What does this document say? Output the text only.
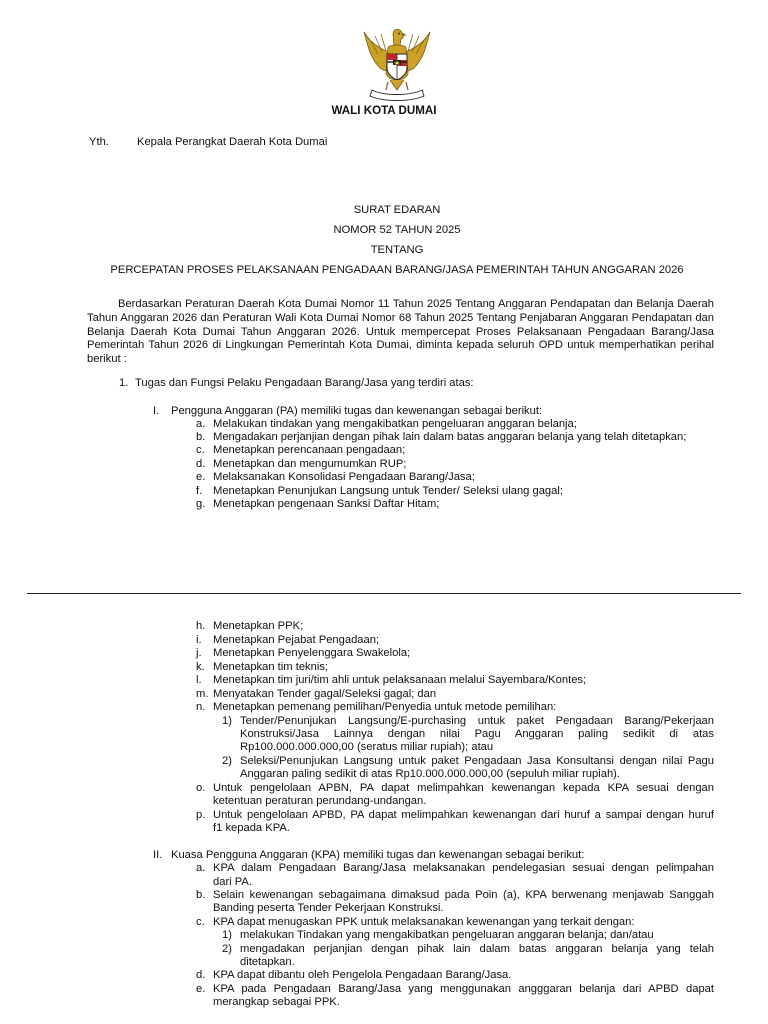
WALI KOTA DUMAI
Yth.	Kepala Perangkat Daerah Kota Dumai
SURAT EDARAN
NOMOR 52 TAHUN 2025
TENTANG
PERCEPATAN PROSES PELAKSANAAN PENGADAAN BARANG/JASA PEMERINTAH TAHUN ANGGARAN 2026
Berdasarkan Peraturan Daerah Kota Dumai Nomor 11 Tahun 2025 Tentang Anggaran Pendapatan dan Belanja Daerah Tahun Anggaran 2026 dan Peraturan Wali Kota Dumai Nomor 68 Tahun 2025 Tentang Penjabaran Anggaran Pendapatan dan Belanja Daerah Kota Dumai Tahun Anggaran 2026. Untuk mempercepat Proses Pelaksanaan Pengadaan Barang/Jasa Pemerintah Tahun 2026 di Lingkungan Pemerintah Kota Dumai, diminta kepada seluruh OPD untuk memperhatikan perihal berikut :
1. Tugas dan Fungsi Pelaku Pengadaan Barang/Jasa yang terdiri atas:
I. Pengguna Anggaran (PA) memiliki tugas dan kewenangan sebagai berikut:
a. Melakukan tindakan yang mengakibatkan pengeluaran anggaran belanja;
b. Mengadakan perjanjian dengan pihak lain dalam batas anggaran belanja yang telah ditetapkan;
c. Menetapkan perencanaan pengadaan;
d. Menetapkan dan mengumumkan RUP;
e. Melaksanakan Konsolidasi Pengadaan Barang/Jasa;
f. Menetapkan Penunjukan Langsung untuk Tender/ Seleksi ulang gagal;
g. Menetapkan pengenaan Sanksi Daftar Hitam;
h. Menetapkan PPK;
i. Menetapkan Pejabat Pengadaan;
j. Menetapkan Penyelenggara Swakelola;
k. Menetapkan tim teknis;
l. Menetapkan tim juri/tim ahli untuk pelaksanaan melalui Sayembara/Kontes;
m. Menyatakan Tender gagal/Seleksi gagal; dan
n. Menetapkan pemenang pemilihan/Penyedia untuk metode pemilihan:
1) Tender/Penunjukan Langsung/E-purchasing untuk paket Pengadaan Barang/Pekerjaan
Konstruksi/Jasa Lainnya dengan nilai Pagu Anggaran paling sedikit di atas
Rp100.000.000.000,00 (seratus miliar rupiah); atau
2) Seleksi/Penunjukan Langsung untuk paket Pengadaan Jasa Konsultansi dengan nilai Pagu
Anggaran paling sedikit di atas Rp10.000.000.000,00 (sepuluh miliar rupiah).
o. Untuk pengelolaan APBN, PA dapat melimpahkan kewenangan kepada KPA sesuai dengan
ketentuan peraturan perundang-undangan.
p. Untuk pengelolaan APBD, PA dapat melimpahkan kewenangan dari huruf a sampai dengan huruf
f1 kepada KPA.
II. Kuasa Pengguna Anggaran (KPA) memiliki tugas dan kewenangan sebagai berikut:
a. KPA dalam Pengadaan Barang/Jasa melaksanakan pendelegasian sesuai dengan pelimpahan
dari PA.
b. Selain kewenangan sebagaimana dimaksud pada Poin (a), KPA berwenang menjawab Sanggah
Banding peserta Tender Pekerjaan Konstruksi.
c. KPA dapat menugaskan PPK untuk melaksanakan kewenangan yang terkait dengan:
1) melakukan Tindakan yang mengakibatkan pengeluaran anggaran belanja; dan/atau
2) mengadakan perjanjian dengan pihak lain dalam batas anggaran belanja yang telah
ditetapkan.
d. KPA dapat dibantu oleh Pengelola Pengadaan Barang/Jasa.
e. KPA pada Pengadaan Barang/Jasa yang menggunakan angggaran belanja dari APBD dapat
merangkap sebagai PPK.
